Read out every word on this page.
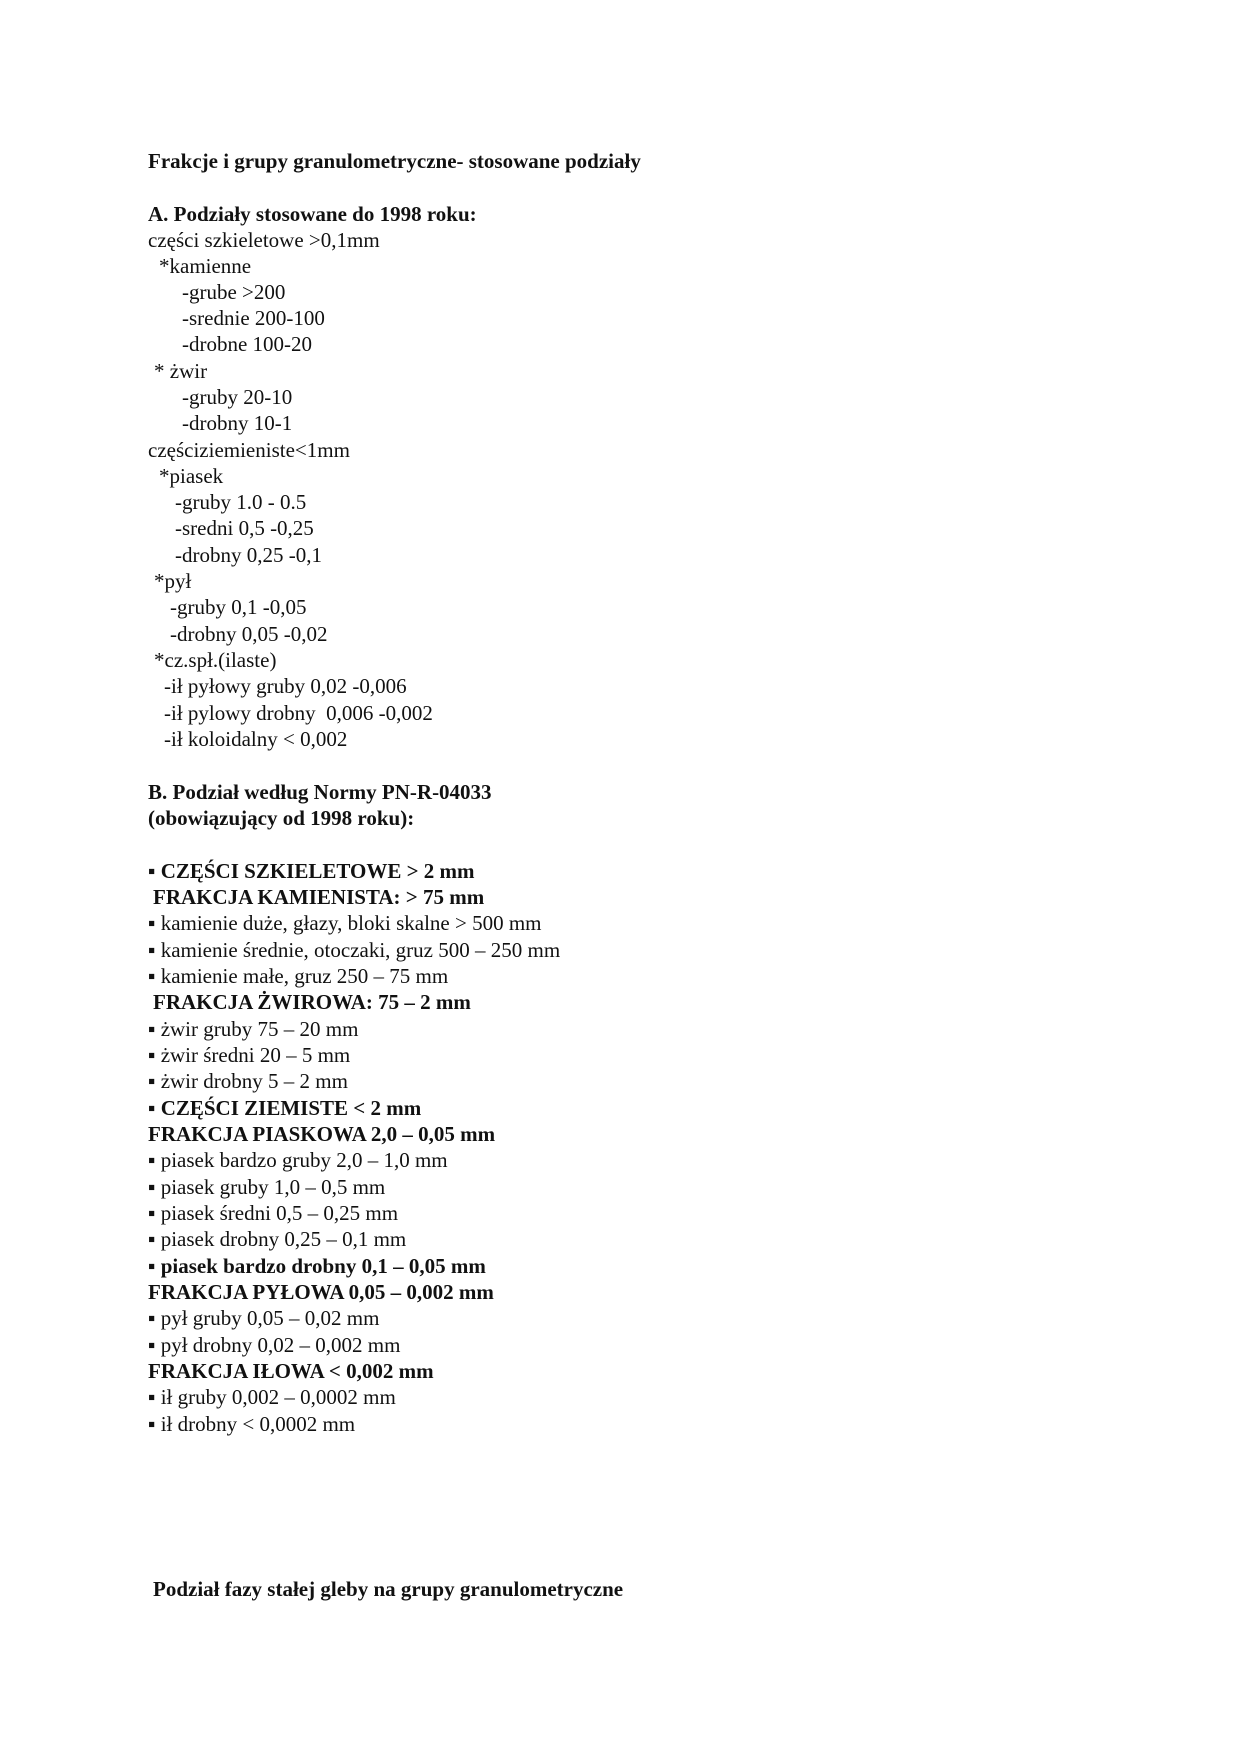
Frakcje i grupy granulometryczne- stosowane podziały
A. Podziały stosowane do 1998 roku:
części szkieletowe >0,1mm
*kamienne
-grube >200
-srednie 200-100
-drobne 100-20
* żwir
-gruby 20-10
-drobny 10-1
częściziemieniste<1mm
*piasek
-gruby 1.0 - 0.5
-sredni 0,5 -0,25
-drobny 0,25 -0,1
*pył
-gruby 0,1 -0,05
-drobny 0,05 -0,02
*cz.spł.(ilaste)
-ił pyłowy gruby 0,02 -0,006
-ił pylowy drobny  0,006 -0,002
-ił koloidalny < 0,002
B. Podział według Normy PN-R-04033
(obowiązujący od 1998 roku):
▪ CZĘŚCI SZKIELETOWE > 2 mm
FRAKCJA KAMIENISTA: > 75 mm
▪ kamienie duże, głazy, bloki skalne > 500 mm
▪ kamienie średnie, otoczaki, gruz 500 – 250 mm
▪ kamienie małe, gruz 250 – 75 mm
FRAKCJA ŻWIROWA: 75 – 2 mm
▪ żwir gruby 75 – 20 mm
▪ żwir średni 20 – 5 mm
▪ żwir drobny 5 – 2 mm
▪ CZĘŚCI ZIEMISTE < 2 mm
FRAKCJA PIASKOWA 2,0 – 0,05 mm
▪ piasek bardzo gruby 2,0 – 1,0 mm
▪ piasek gruby 1,0 – 0,5 mm
▪ piasek średni 0,5 – 0,25 mm
▪ piasek drobny 0,25 – 0,1 mm
▪ piasek bardzo drobny 0,1 – 0,05 mm
FRAKCJA PYŁOWA 0,05 – 0,002 mm
▪ pył gruby 0,05 – 0,02 mm
▪ pył drobny 0,02 – 0,002 mm
FRAKCJA IŁOWA < 0,002 mm
▪ ił gruby 0,002 – 0,0002 mm
▪ ił drobny < 0,0002 mm
Podział fazy stałej gleby na grupy granulometryczne
